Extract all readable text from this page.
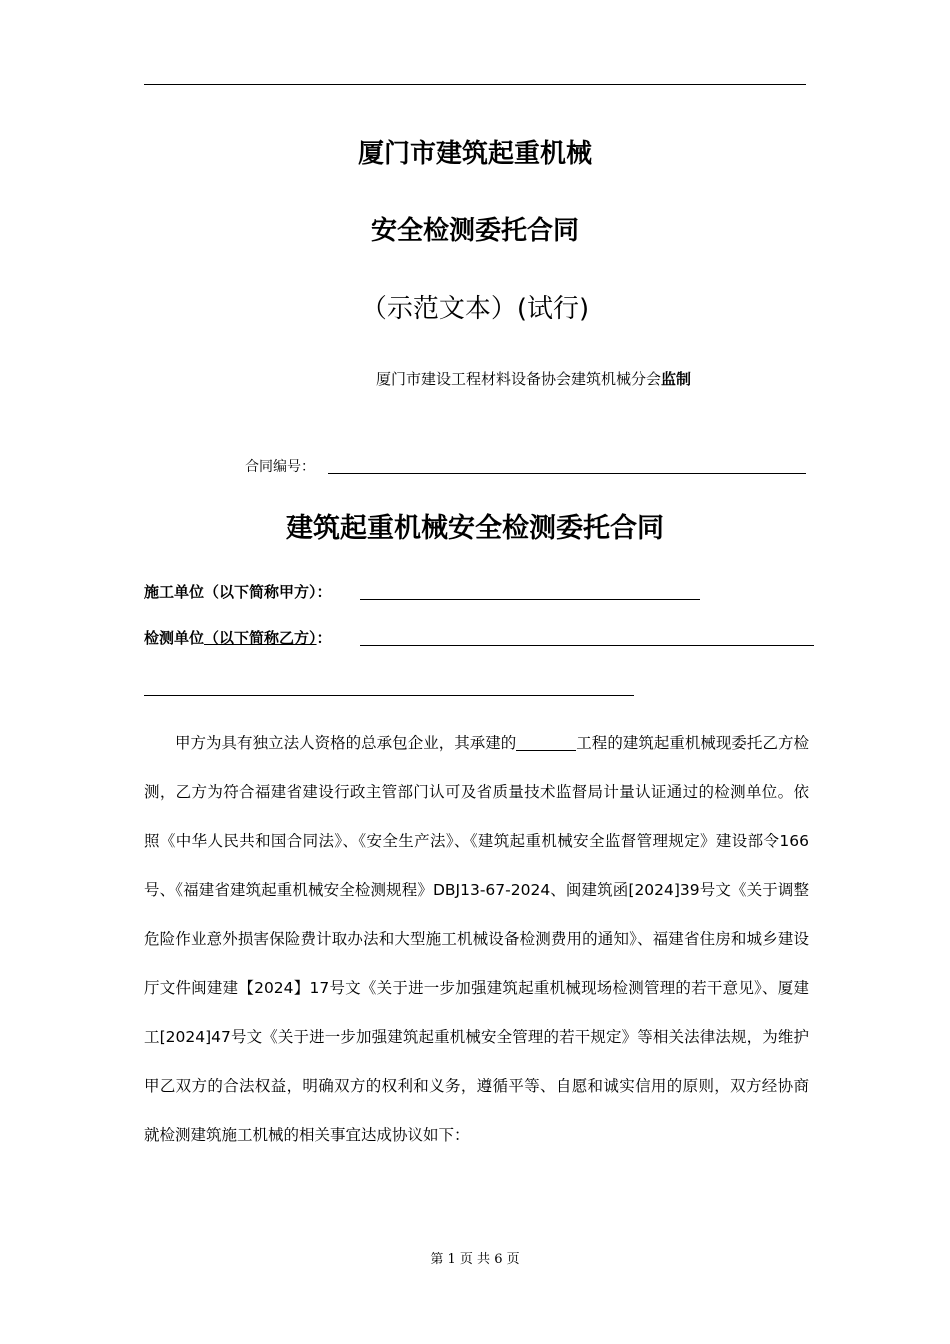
厦门市建筑起重机械
安全检测委托合同
（示范文本）(试行)
厦门市建设工程材料设备协会建筑机械分会监制
合同编号：
建筑起重机械安全检测委托合同
施工单位（以下简称甲方）：
检测单位（以下简称乙方）：

甲方为具有独立法人资格的总承包企业，其承建的	工程的建筑起重机械现委托乙方检测，乙方为符合福建省建设行政主管部门认可及省质量技术监督局计量认证通过的检测单位。依照《中华人民共和国合同法》、《安全生产法》、《建筑起重机械安全监督管理规定》建设部令166号、《福建省建筑起重机械安全检测规程》DBJ13-67-2024、闽建筑函[2024]39号文《关于调整危险作业意外损害保险费计取办法和大型施工机械设备检测费用的通知》、福建省住房和城乡建设厅文件闽建建【2024】17号文《关于进一步加强建筑起重机械现场检测管理的若干意见》、厦建工[2024]47号文《关于进一步加强建筑起重机械安全管理的若干规定》等相关法律法规，为维护甲乙双方的合法权益，明确双方的权利和义务，遵循平等、自愿和诚实信用的原则，双方经协商就检测建筑施工机械的相关事宜达成协议如下：

第 1 页 共 6 页
